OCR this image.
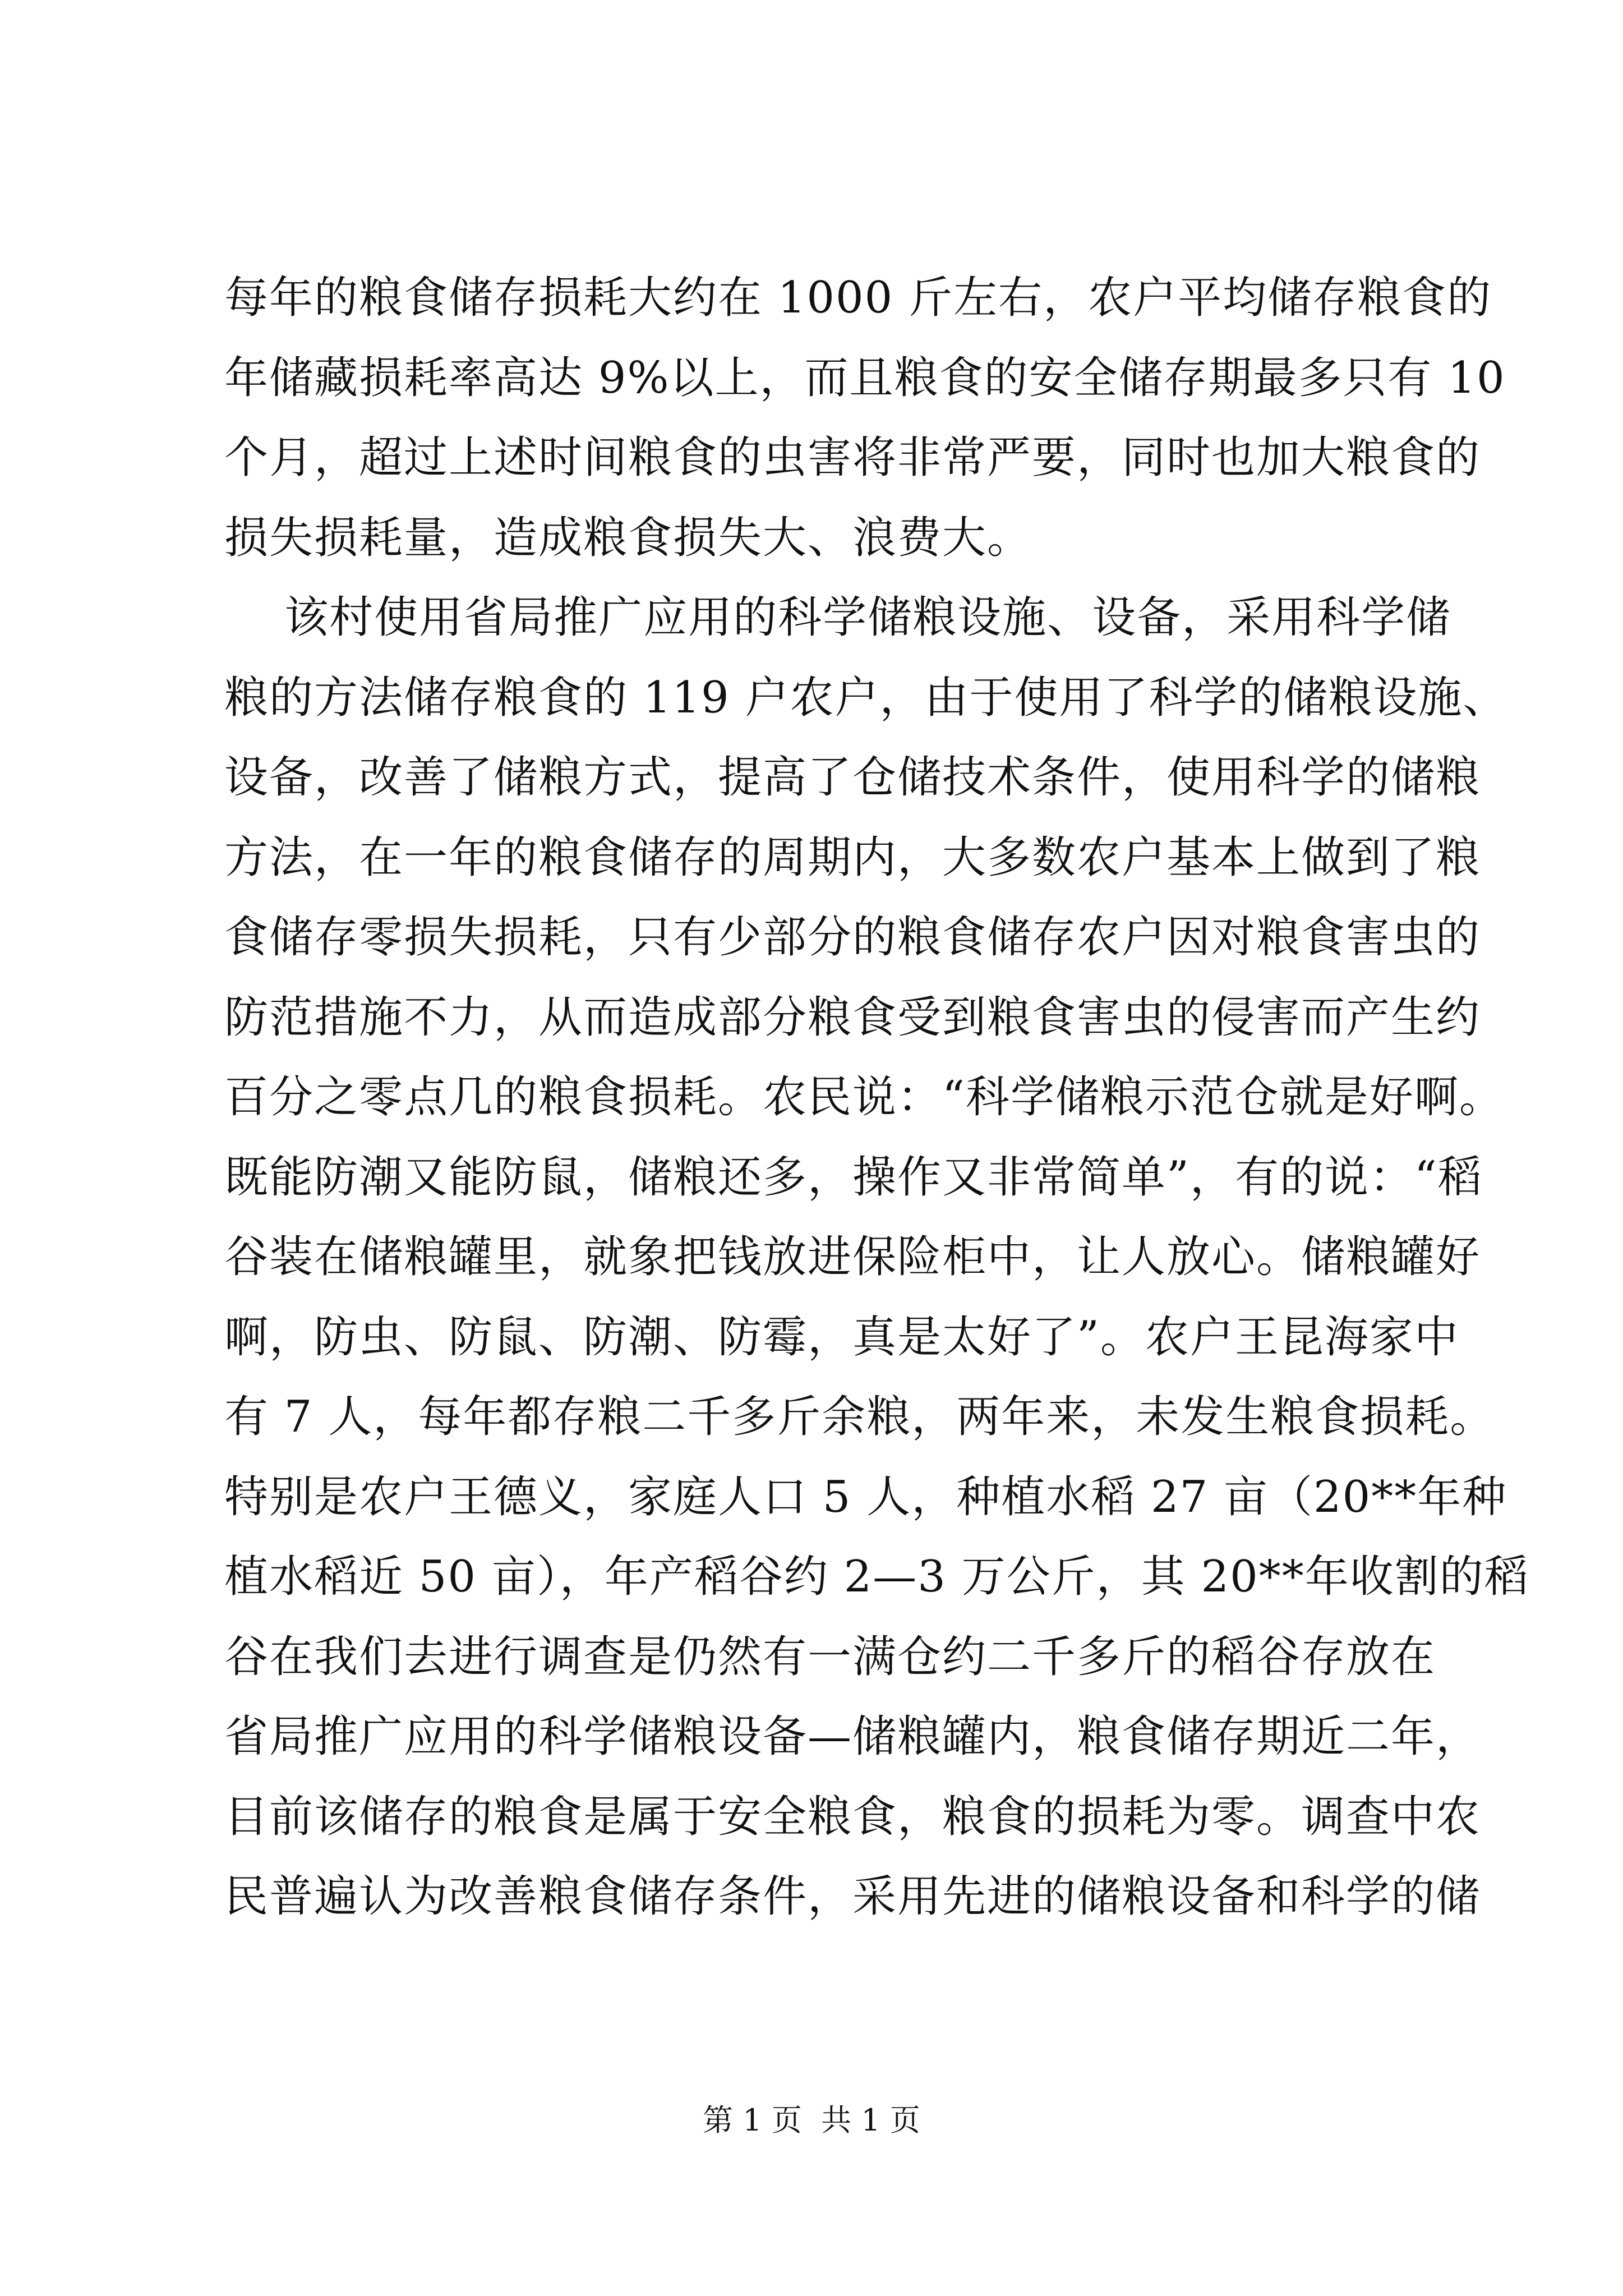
每年的粮食储存损耗大约在 1000 斤左右，农户平均储存粮食的
年储藏损耗率高达 9%以上，而且粮食的安全储存期最多只有 10
个月，超过上述时间粮食的虫害将非常严要，同时也加大粮食的
损失损耗量，造成粮食损失大、浪费大。
该村使用省局推广应用的科学储粮设施、设备，采用科学储
粮的方法储存粮食的 119 户农户，由于使用了科学的储粮设施、
设备，改善了储粮方式，提高了仓储技术条件，使用科学的储粮
方法，在一年的粮食储存的周期内，大多数农户基本上做到了粮
食储存零损失损耗，只有少部分的粮食储存农户因对粮食害虫的
防范措施不力，从而造成部分粮食受到粮食害虫的侵害而产生约
百分之零点几的粮食损耗。农民说：“科学储粮示范仓就是好啊。
既能防潮又能防鼠，储粮还多，操作又非常简单”，有的说：“稻
谷装在储粮罐里，就象把钱放进保险柜中，让人放心。储粮罐好
啊，防虫、防鼠、防潮、防霉，真是太好了”。农户王昆海家中
有 7 人，每年都存粮二千多斤余粮，两年来，未发生粮食损耗。
特别是农户王德义，家庭人口 5 人，种植水稻 27 亩（20**年种
植水稻近 50 亩），年产稻谷约 2—3 万公斤，其 20**年收割的稻
谷在我们去进行调查是仍然有一满仓约二千多斤的稻谷存放在
省局推广应用的科学储粮设备—储粮罐内，粮食储存期近二年，
目前该储存的粮食是属于安全粮食，粮食的损耗为零。调查中农
民普遍认为改善粮食储存条件，采用先进的储粮设备和科学的储
第 1 页  共 1 页
